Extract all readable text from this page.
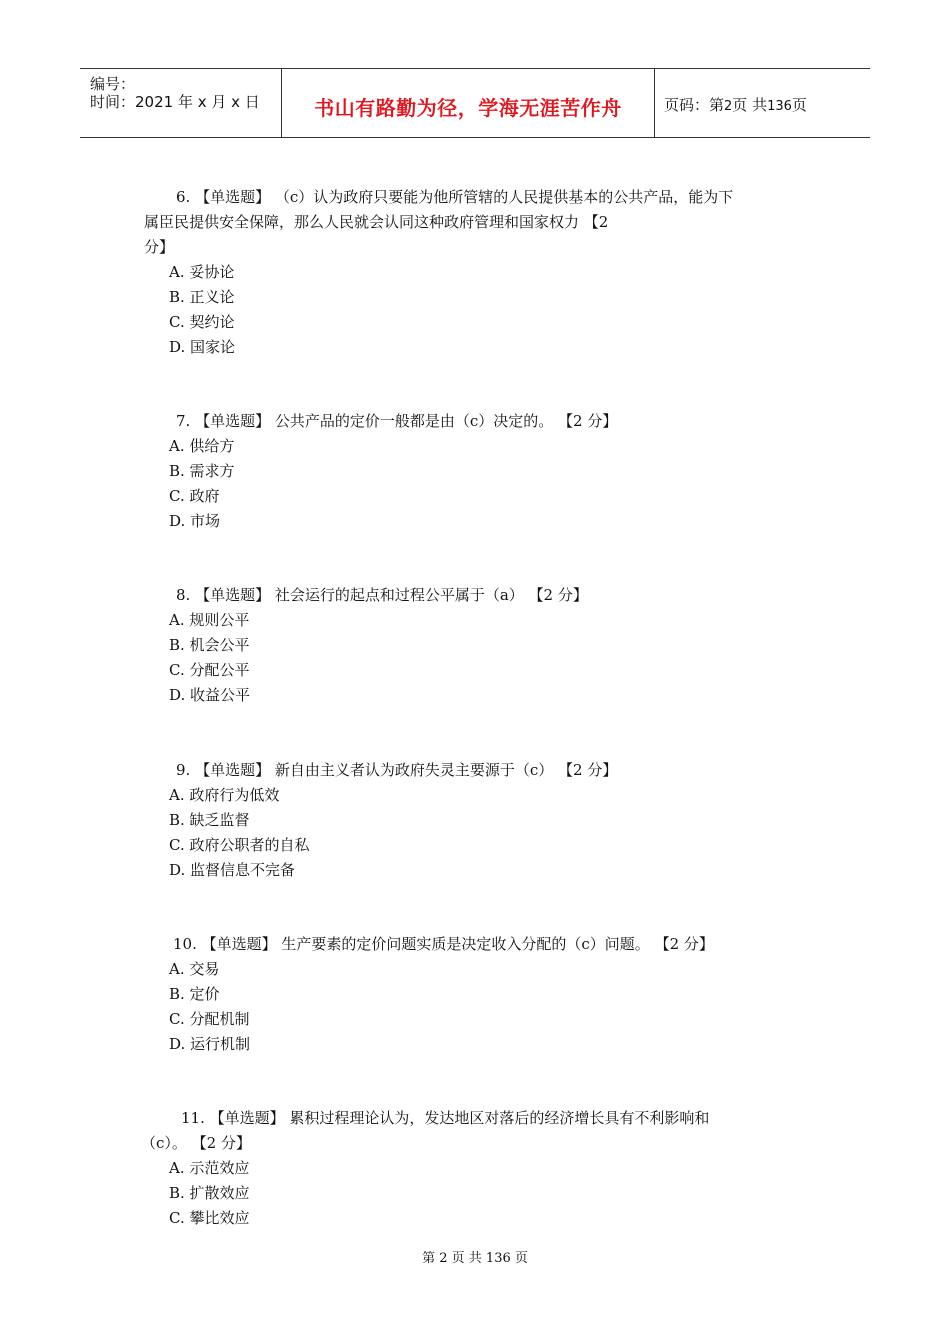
编号：
时间：2021 年 x 月 x 日	书山有路勤为径，学海无涯苦作舟	页码：第2页 共136页
6. 【单选题】 （c）认为政府只要能为他所管辖的人民提供基本的公共产品，能为下
属臣民提供安全保障，那么人民就会认同这种政府管理和国家权力 【2
分】
A. 妥协论
B. 正义论
C. 契约论
D. 国家论
7. 【单选题】 公共产品的定价一般都是由（c）决定的。 【2 分】
A. 供给方
B. 需求方
C. 政府
D. 市场
8. 【单选题】 社会运行的起点和过程公平属于（a） 【2 分】
A. 规则公平
B. 机会公平
C. 分配公平
D. 收益公平
9. 【单选题】 新自由主义者认为政府失灵主要源于（c） 【2 分】
A. 政府行为低效
B. 缺乏监督
C. 政府公职者的自私
D. 监督信息不完备
10. 【单选题】 生产要素的定价问题实质是决定收入分配的（c）问题。 【2 分】
A. 交易
B. 定价
C. 分配机制
D. 运行机制
11. 【单选题】 累积过程理论认为，发达地区对落后的经济增长具有不利影响和
（c）。 【2 分】
A. 示范效应
B. 扩散效应
C. 攀比效应
第 2 页 共 136 页
